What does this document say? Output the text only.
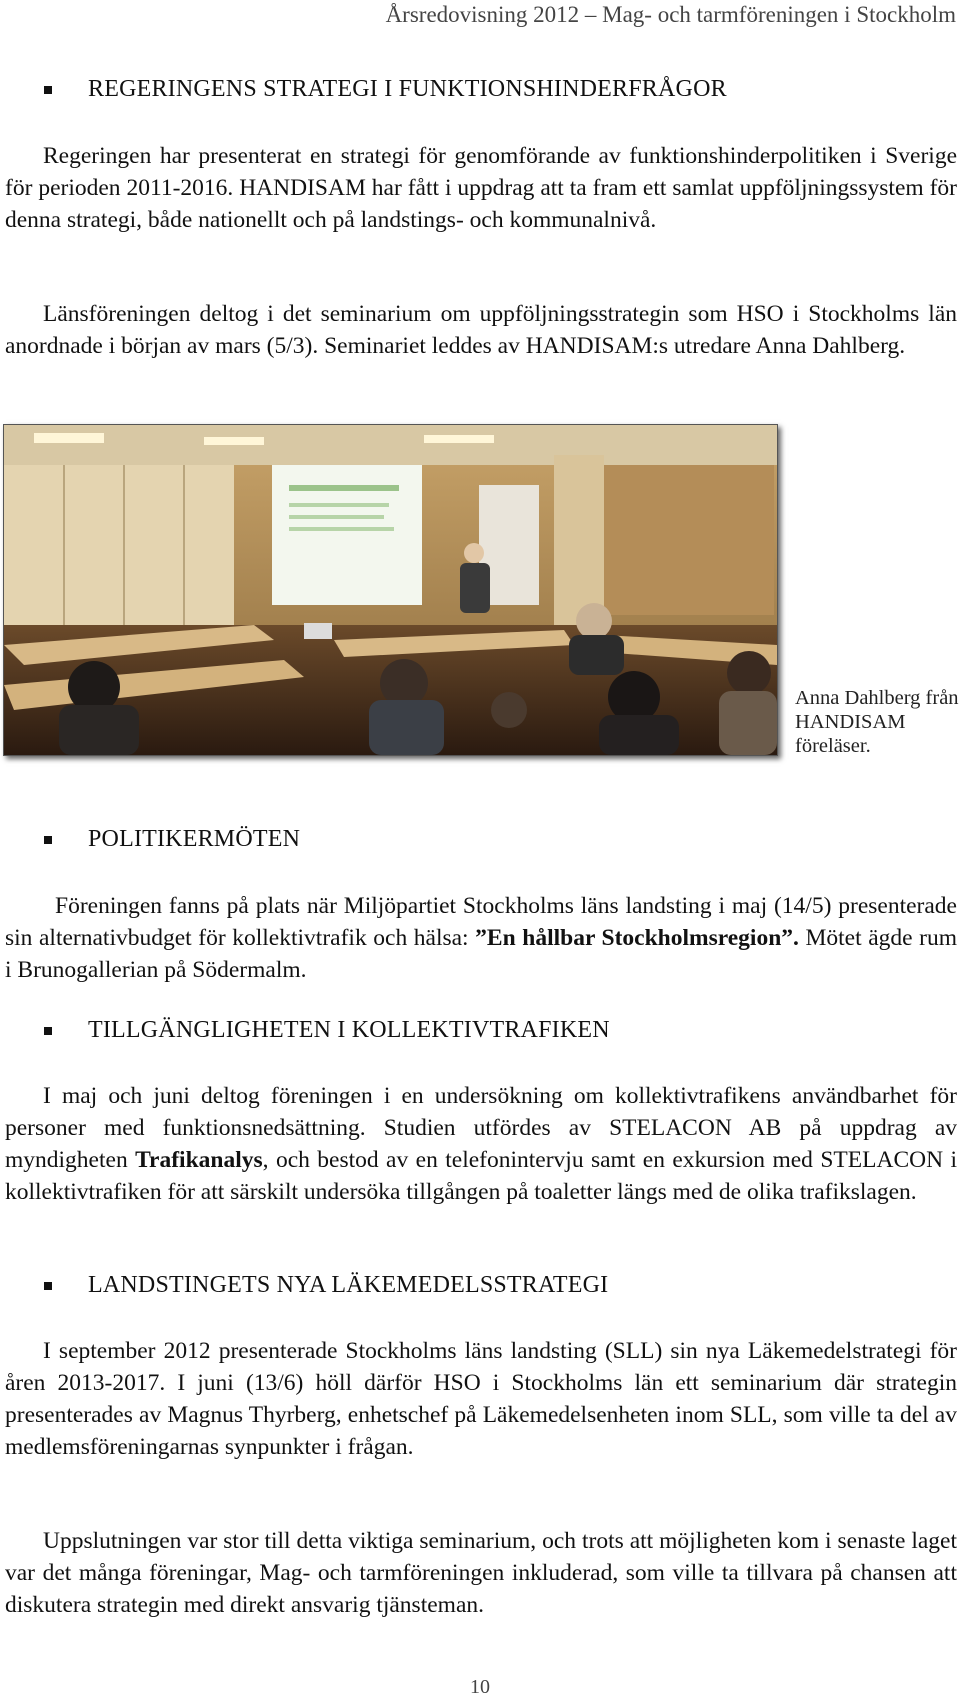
Årsredovisning 2012 – Mag- och tarmföreningen i Stockholm
REGERINGENS STRATEGI I FUNKTIONSHINDERFRÅGOR
Regeringen har presenterat en strategi för genomförande av funktionshinderpolitiken i Sverige för perioden 2011-2016. HANDISAM har fått i uppdrag att ta fram ett samlat uppföljningssystem för denna strategi, både nationellt och på landstings- och kommunalnivå.
Länsföreningen deltog i det seminarium om uppföljningsstrategin som HSO i Stockholms län anordnade i början av mars (5/3). Seminariet leddes av HANDISAM:s utredare Anna Dahlberg.
Anna Dahlberg från HANDISAM föreläser.
POLITIKERMÖTEN
Föreningen fanns på plats när Miljöpartiet Stockholms läns landsting i maj (14/5) presenterade sin alternativbudget för kollektivtrafik och hälsa: ”En hållbar Stockholmsregion”. Mötet ägde rum i Brunogallerian på Södermalm.
TILLGÄNGLIGHETEN I KOLLEKTIVTRAFIKEN
I maj och juni deltog föreningen i en undersökning om kollektivtrafikens användbarhet för personer med funktionsnedsättning. Studien utfördes av STELACON AB på uppdrag av myndigheten Trafikanalys, och bestod av en telefonintervju samt en exkursion med STELACON i kollektivtrafiken för att särskilt undersöka tillgången på toaletter längs med de olika trafikslagen.
LANDSTINGETS NYA LÄKEMEDELSSTRATEGI
I september 2012 presenterade Stockholms läns landsting (SLL) sin nya Läkemedelstrategi för åren 2013-2017. I juni (13/6) höll därför HSO i Stockholms län ett seminarium där strategin presenterades av Magnus Thyrberg, enhetschef på Läkemedelsenheten inom SLL, som ville ta del av medlemsföreningarnas synpunkter i frågan.
Uppslutningen var stor till detta viktiga seminarium, och trots att möjligheten kom i senaste laget var det många föreningar, Mag- och tarmföreningen inkluderad, som ville ta tillvara på chansen att diskutera strategin med direkt ansvarig tjänsteman.
10
